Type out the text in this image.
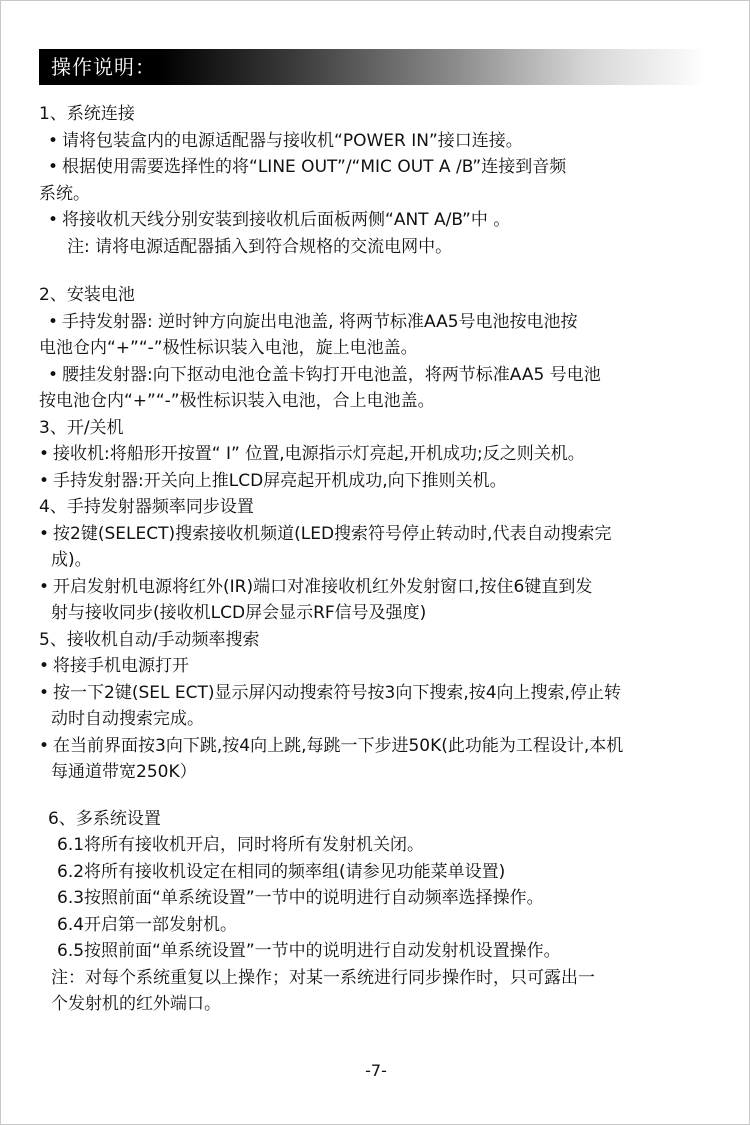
操作说明：
1、系统连接
• 请将包装盒内的电源适配器与接收机“POWER IN”接口连接。
• 根据使用需要选择性的将“LINE OUT”/“MIC OUT A /B”连接到音频
系统。
• 将接收机天线分别安装到接收机后面板两侧“ANT A/B”中 。
注: 请将电源适配器插入到符合规格的交流电网中。
2、安装电池
• 手持发射器: 逆时钟方向旋出电池盖, 将两节标准AA5号电池按电池按
电池仓内“+”“-”极性标识装入电池，旋上电池盖。
• 腰挂发射器:向下抠动电池仓盖卡钩打开电池盖，将两节标准AA5 号电池
按电池仓内“+”“-”极性标识装入电池，合上电池盖。
3、开/关机
• 接收机:将船形开按置“ I” 位置,电源指示灯亮起,开机成功;反之则关机。
• 手持发射器:开关向上推LCD屏亮起开机成功,向下推则关机。
4、手持发射器频率同步设置
• 按2键(SELECT)搜索接收机频道(LED搜索符号停止转动时,代表自动搜索完
成)。
• 开启发射机电源将红外(IR)端口对准接收机红外发射窗口,按住6键直到发
射与接收同步(接收机LCD屏会显示RF信号及强度)
5、接收机自动/手动频率搜索
• 将接手机电源打开
• 按一下2键(SEL ECT)显示屏闪动搜索符号按3向下搜索,按4向上搜索,停止转
动时自动搜索完成。
• 在当前界面按3向下跳,按4向上跳,每跳一下步进50K(此功能为工程设计,本机
每通道带宽250K）
6、多系统设置
6.1将所有接收机开启，同时将所有发射机关闭。
6.2将所有接收机设定在相同的频率组(请参见功能菜单设置)
6.3按照前面“单系统设置”一节中的说明进行自动频率选择操作。
6.4开启第一部发射机。
6.5按照前面“单系统设置”一节中的说明进行自动发射机设置操作。
注：对每个系统重复以上操作；对某一系统进行同步操作时，只可露出一
个发射机的红外端口。
-7-
